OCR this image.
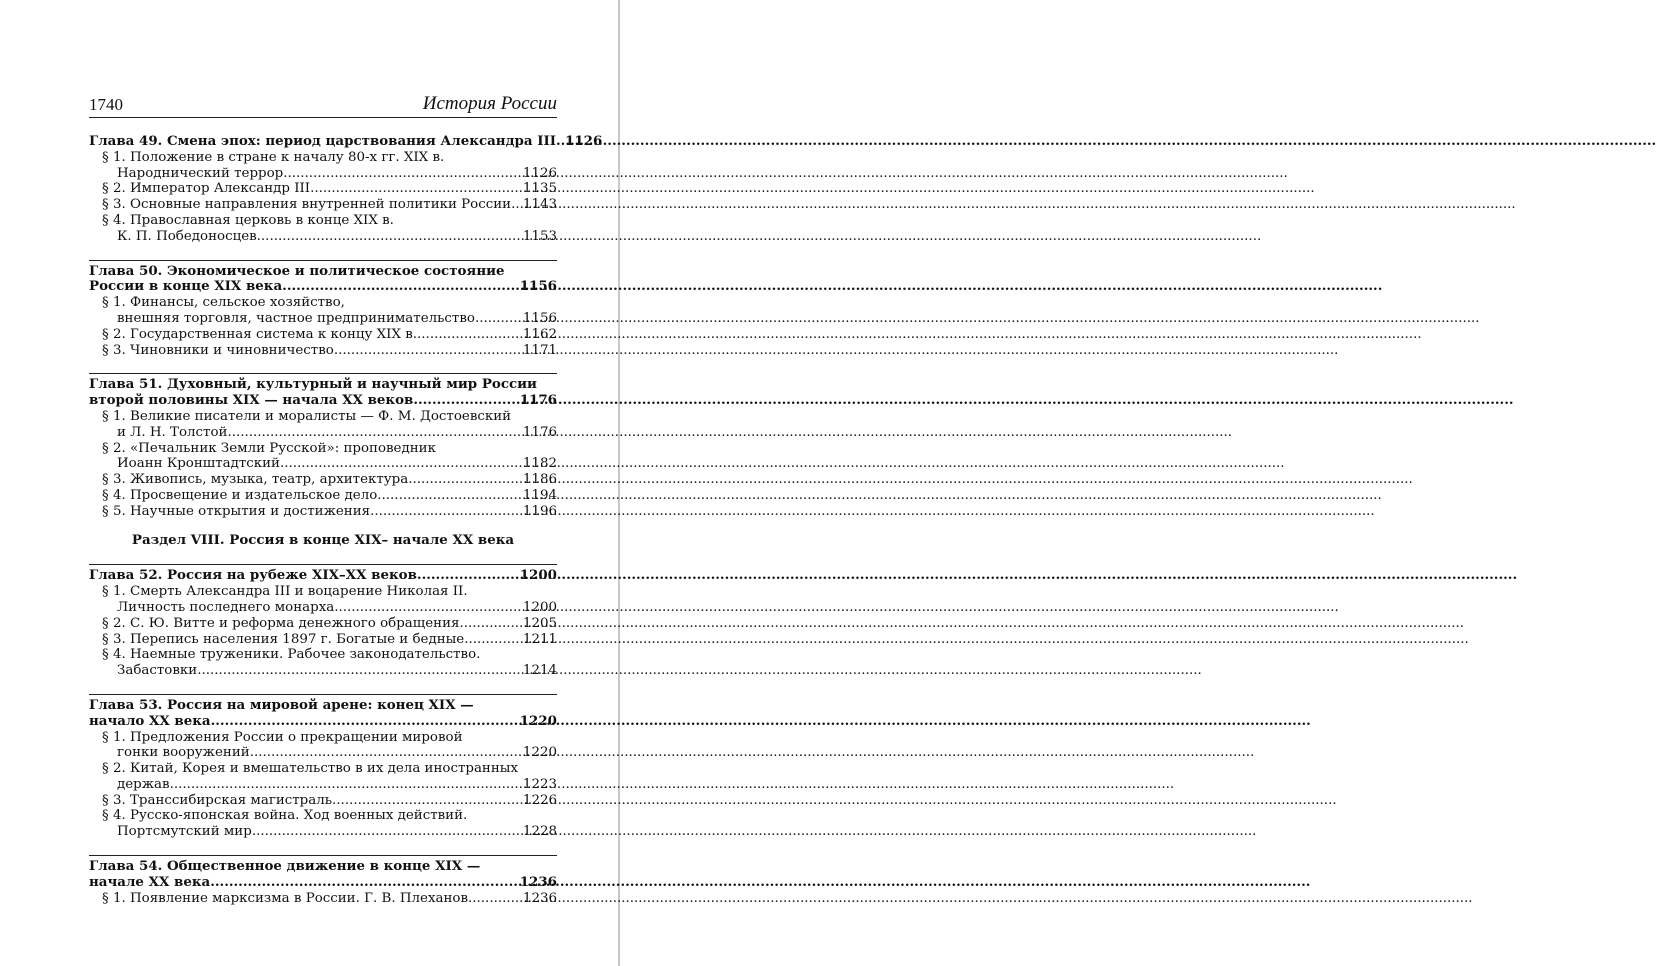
1740	История России
Глава 49. Смена эпох: период царствования Александра III ..... 1126
§ 1. Положение в стране к началу 80-х гг. XIX в.
Народнический террор .....	1126
§ 2. Император Александр III .....	1135
§ 3. Основные направления внутренней политики России ..... 1143
§ 4. Православная церковь в конце XIX в.
К. П. Победоносцев .....	1153
Глава 50. Экономическое и политическое состояние
России в конце XIX века .....	1156
§ 1. Финансы, сельское хозяйство,
внешняя торговля, частное предпринимательство .....	1156
§ 2. Государственная система к концу XIX в. .....	1162
§ 3. Чиновники и чиновничество .....	1171
Глава 51. Духовный, культурный и научный мир России
второй половины XIX — начала XX веков .....	1176
§ 1. Великие писатели и моралисты — Ф. М. Достоевский
и Л. Н. Толстой .....	1176
§ 2. «Печальник Земли Русской»: проповедник
Иоанн Кронштадтский .....	1182
§ 3. Живопись, музыка, театр, архитектура .....	1186
§ 4. Просвещение и издательское дело .....	1194
§ 5. Научные открытия и достижения .....	1196
Раздел VIII. Россия в конце XIX– начале XX века
Глава 52. Россия на рубеже XIX–XX веков .....	1200
§ 1. Смерть Александра III и воцарение Николая II.
Личность последнего монарха .....	1200
§ 2. С. Ю. Витте и реформа денежного обращения .....	1205
§ 3. Перепись населения 1897 г. Богатые и бедные .....	1211
§ 4. Наемные труженики. Рабочее законодательство.
Забастовки .....	1214
Глава 53. Россия на мировой арене: конец XIX —
начало XX века .....	1220
§ 1. Предложения России о прекращении мировой
гонки вооружений .....	1220
§ 2. Китай, Корея и вмешательство в их дела иностранных
держав .....	1223
§ 3. Транссибирская магистраль .....	1226
§ 4. Русско-японская война. Ход военных действий.
Портсмутский мир .....	1228
Глава 54. Общественное движение в конце XIX —
начале XX века .....	1236
§ 1. Появление марксизма в России. Г. В. Плеханов .....	1236
